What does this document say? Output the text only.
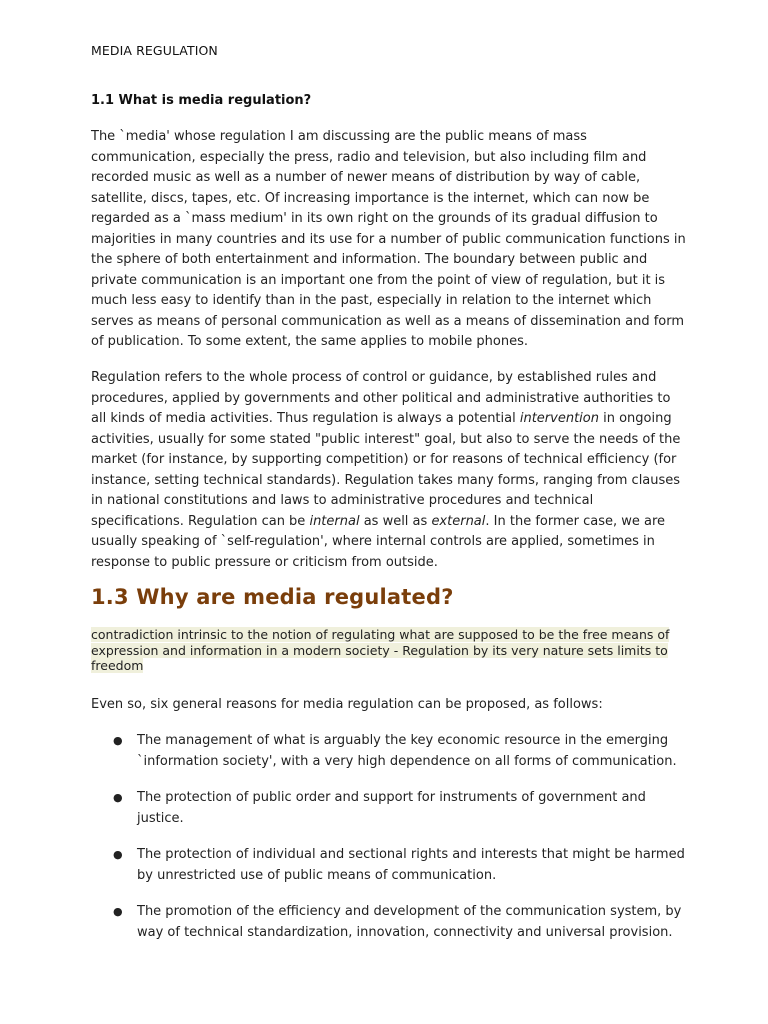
MEDIA REGULATION
1.1 What is media regulation?

The `media' whose regulation I am discussing are the public means of mass communication, especially the press, radio and television, but also including film and recorded music as well as a number of newer means of distribution by way of cable, satellite, discs, tapes, etc. Of increasing importance is the internet, which can now be regarded as a `mass medium' in its own right on the grounds of its gradual diffusion to majorities in many countries and its use for a number of public communication functions in the sphere of both entertainment and information. The boundary between public and private communication is an important one from the point of view of regulation, but it is much less easy to identify than in the past, especially in relation to the internet which serves as means of personal communication as well as a means of dissemination and form of publication. To some extent, the same applies to mobile phones.

Regulation refers to the whole process of control or guidance, by established rules and procedures, applied by governments and other political and administrative authorities to all kinds of media activities. Thus regulation is always a potential intervention in ongoing activities, usually for some stated "public interest" goal, but also to serve the needs of the market (for instance, by supporting competition) or for reasons of technical efficiency (for instance, setting technical standards). Regulation takes many forms, ranging from clauses in national constitutions and laws to administrative procedures and technical specifications. Regulation can be internal as well as external. In the former case, we are usually speaking of `self-regulation', where internal controls are applied, sometimes in response to public pressure or criticism from outside.

1.3 Why are media regulated?
contradiction intrinsic to the notion of regulating what are supposed to be the free means of expression and information in a modern society - Regulation by its very nature sets limits to freedom

Even so, six general reasons for media regulation can be proposed, as follows:

● The management of what is arguably the key economic resource in the emerging `information society', with a very high dependence on all forms of communication.
● The protection of public order and support for instruments of government and justice.
● The protection of individual and sectional rights and interests that might be harmed by unrestricted use of public means of communication.
● The promotion of the efficiency and development of the communication system, by way of technical standardization, innovation, connectivity and universal provision.
